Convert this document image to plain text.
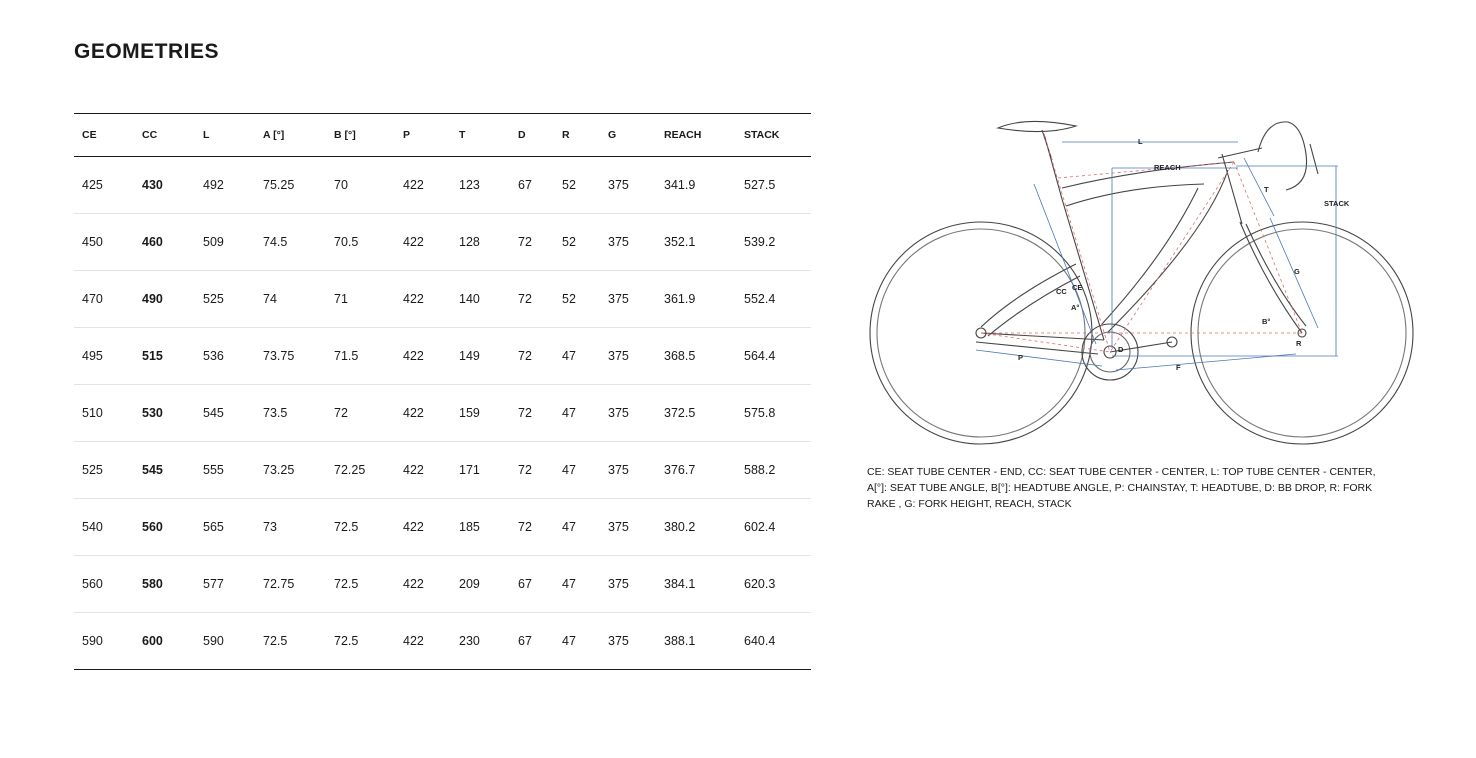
GEOMETRIES
CE	CC	L	A [°]	B [°]	P	T	D	R	G	REACH	STACK
425	430	492	75.25	70	422	123	67	52	375	341.9	527.5
450	460	509	74.5	70.5	422	128	72	52	375	352.1	539.2
470	490	525	74	71	422	140	72	52	375	361.9	552.4
495	515	536	73.75	71.5	422	149	72	47	375	368.5	564.4
510	530	545	73.5	72	422	159	72	47	375	372.5	575.8
525	545	555	73.25	72.25	422	171	72	47	375	376.7	588.2
540	560	565	73	72.5	422	185	72	47	375	380.2	602.4
560	580	577	72.75	72.5	422	209	67	47	375	384.1	620.3
590	600	590	72.5	72.5	422	230	67	47	375	388.1	640.4
L
REACH
STACK
T
G
CC CE
A°
B°
D
P
F
R

CE: SEAT TUBE CENTER - END, CC: SEAT TUBE CENTER - CENTER, L: TOP TUBE CENTER - CENTER, A[°]: SEAT TUBE ANGLE, B[°]: HEADTUBE ANGLE, P: CHAINSTAY, T: HEADTUBE, D: BB DROP, R: FORK RAKE , G: FORK HEIGHT, REACH, STACK
